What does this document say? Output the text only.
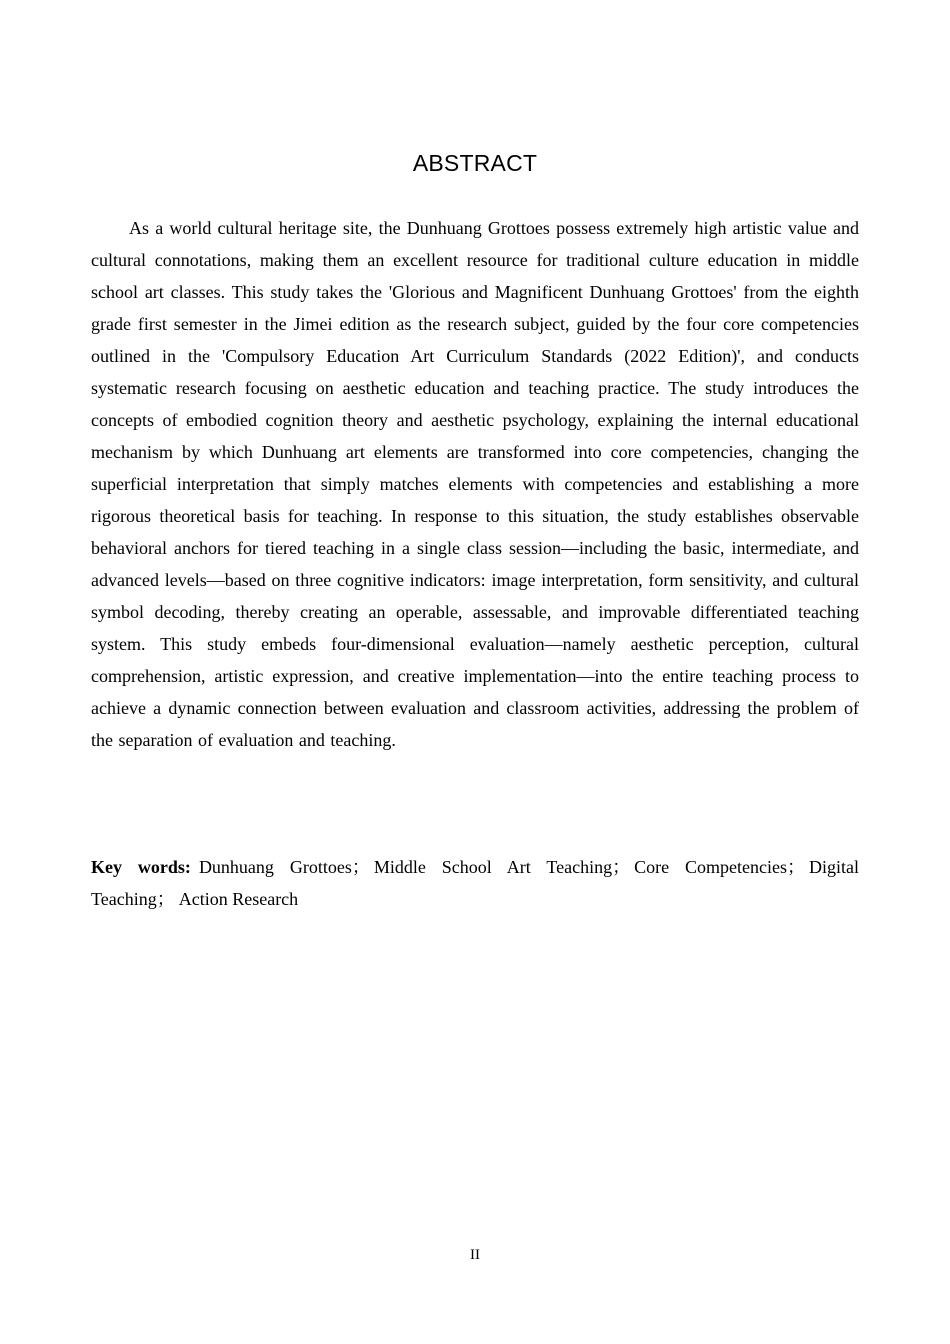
ABSTRACT

As a world cultural heritage site, the Dunhuang Grottoes possess extremely high artistic value and cultural connotations, making them an excellent resource for traditional culture education in middle school art classes. This study takes the 'Glorious and Magnificent Dunhuang Grottoes' from the eighth grade first semester in the Jimei edition as the research subject, guided by the four core competencies outlined in the 'Compulsory Education Art Curriculum Standards (2022 Edition)', and conducts systematic research focusing on aesthetic education and teaching practice. The study introduces the concepts of embodied cognition theory and aesthetic psychology, explaining the internal educational mechanism by which Dunhuang art elements are transformed into core competencies, changing the superficial interpretation that simply matches elements with competencies and establishing a more rigorous theoretical basis for teaching. In response to this situation, the study establishes observable behavioral anchors for tiered teaching in a single class session—including the basic, intermediate, and advanced levels—based on three cognitive indicators: image interpretation, form sensitivity, and cultural symbol decoding, thereby creating an operable, assessable, and improvable differentiated teaching system. This study embeds four-dimensional evaluation—namely aesthetic perception, cultural comprehension, artistic expression, and creative implementation—into the entire teaching process to achieve a dynamic connection between evaluation and classroom activities, addressing the problem of the separation of evaluation and teaching.

Key words: Dunhuang Grottoes； Middle School Art Teaching； Core Competencies； Digital Teaching； Action Research

II
